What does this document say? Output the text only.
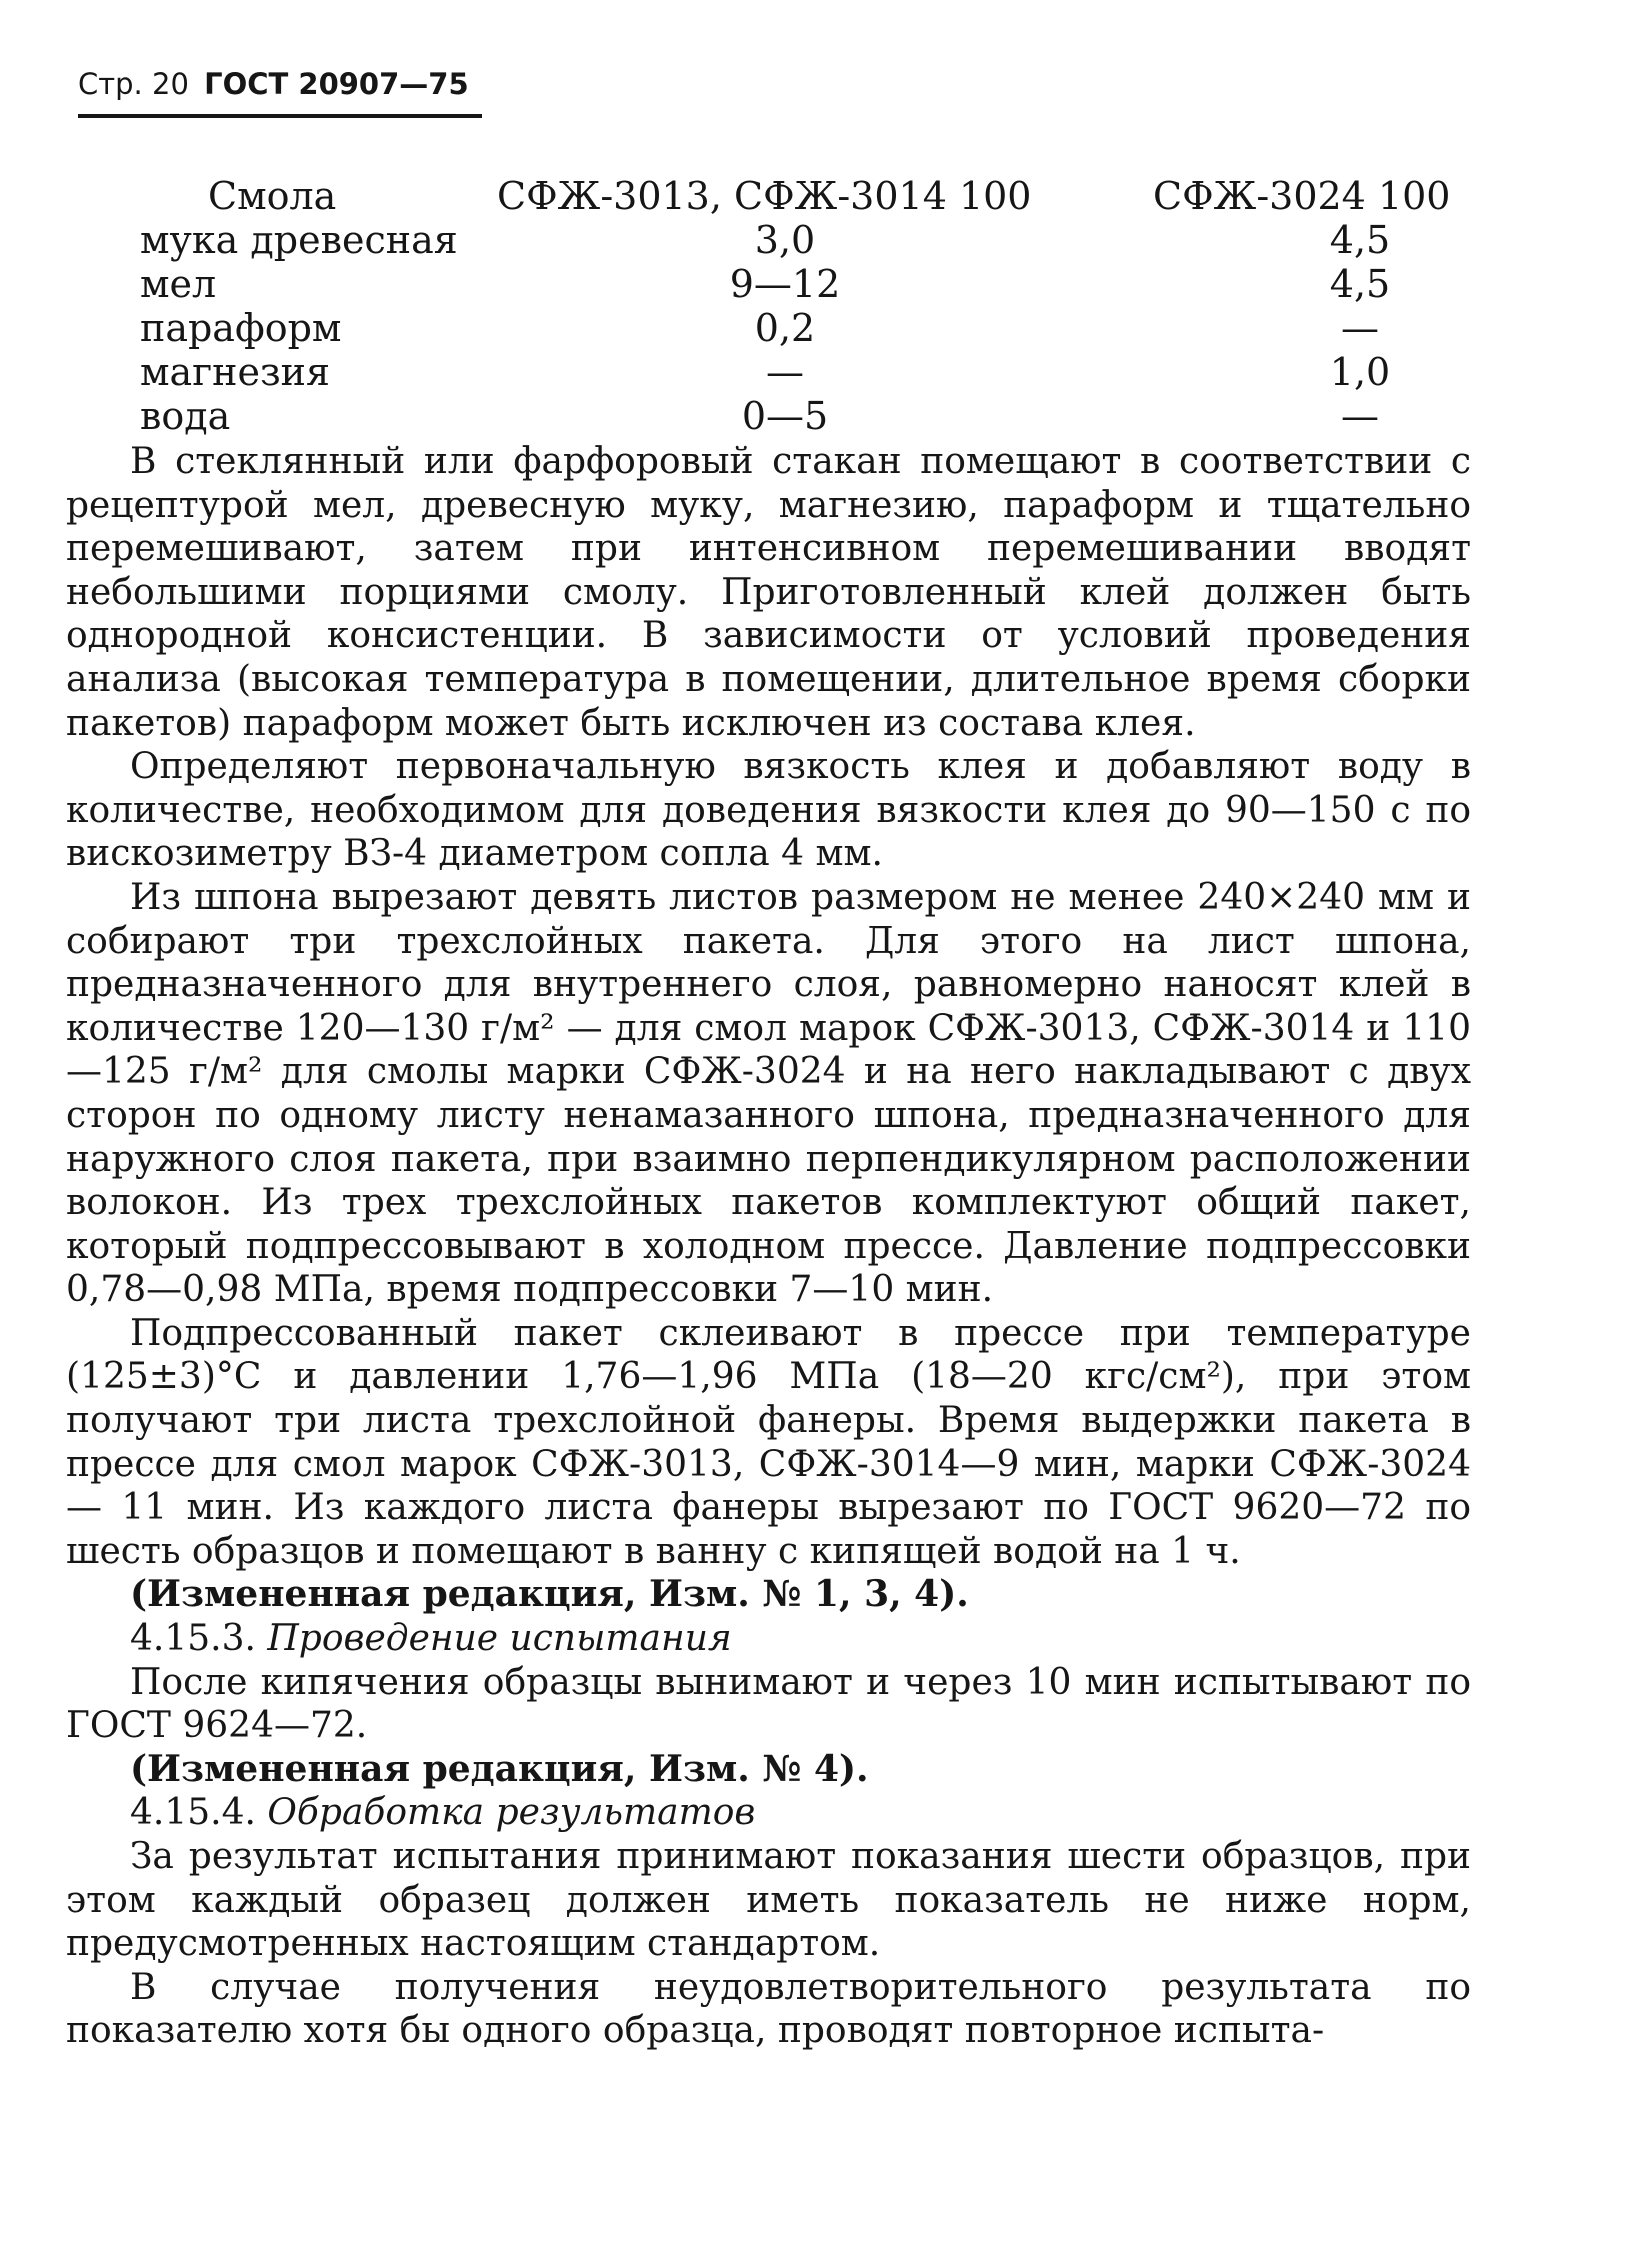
Стр. 20 ГОСТ 20907—75
Смола	СФЖ-3013, СФЖ-3014 100	СФЖ-3024 100
мука древесная	3,0	4,5
мел	9—12	4,5
параформ	0,2	—
магнезия	—	1,0
вода	0—5	—

В стеклянный или фарфоровый стакан помещают в соответствии с рецептурой мел, древесную муку, магнезию, параформ и тщательно перемешивают, затем при интенсивном перемешивании вводят небольшими порциями смолу. Приготовленный клей должен быть однородной консистенции. В зависимости от условий проведения анализа (высокая температура в помещении, длительное время сборки пакетов) параформ может быть исключен из состава клея.

Определяют первоначальную вязкость клея и добавляют воду в количестве, необходимом для доведения вязкости клея до 90—150 с по вискозиметру ВЗ-4 диаметром сопла 4 мм.

Из шпона вырезают девять листов размером не менее 240×240 мм и собирают три трехслойных пакета. Для этого на лист шпона, предназначенного для внутреннего слоя, равномерно наносят клей в количестве 120—130 г/м² — для смол марок СФЖ-3013, СФЖ-3014 и 110—125 г/м² для смолы марки СФЖ-3024 и на него накладывают с двух сторон по одному листу ненамазанного шпона, предназначенного для наружного слоя пакета, при взаимно перпендикулярном расположении волокон. Из трех трехслойных пакетов комплектуют общий пакет, который подпрессовывают в холодном прессе. Давление подпрессовки 0,78—0,98 МПа, время подпрессовки 7—10 мин.

Подпрессованный пакет склеивают в прессе при температуре (125±3)°С и давлении 1,76—1,96 МПа (18—20 кгс/см²), при этом получают три листа трехслойной фанеры. Время выдержки пакета в прессе для смол марок СФЖ-3013, СФЖ-3014—9 мин, марки СФЖ-3024 — 11 мин. Из каждого листа фанеры вырезают по ГОСТ 9620—72 по шесть образцов и помещают в ванну с кипящей водой на 1 ч.

(Измененная редакция, Изм. № 1, 3, 4).

4.15.3. Проведение испытания

После кипячения образцы вынимают и через 10 мин испытывают по ГОСТ 9624—72.

(Измененная редакция, Изм. № 4).

4.15.4. Обработка результатов

За результат испытания принимают показания шести образцов, при этом каждый образец должен иметь показатель не ниже норм, предусмотренных настоящим стандартом.

В случае получения неудовлетворительного результата по показателю хотя бы одного образца, проводят повторное испыта-
